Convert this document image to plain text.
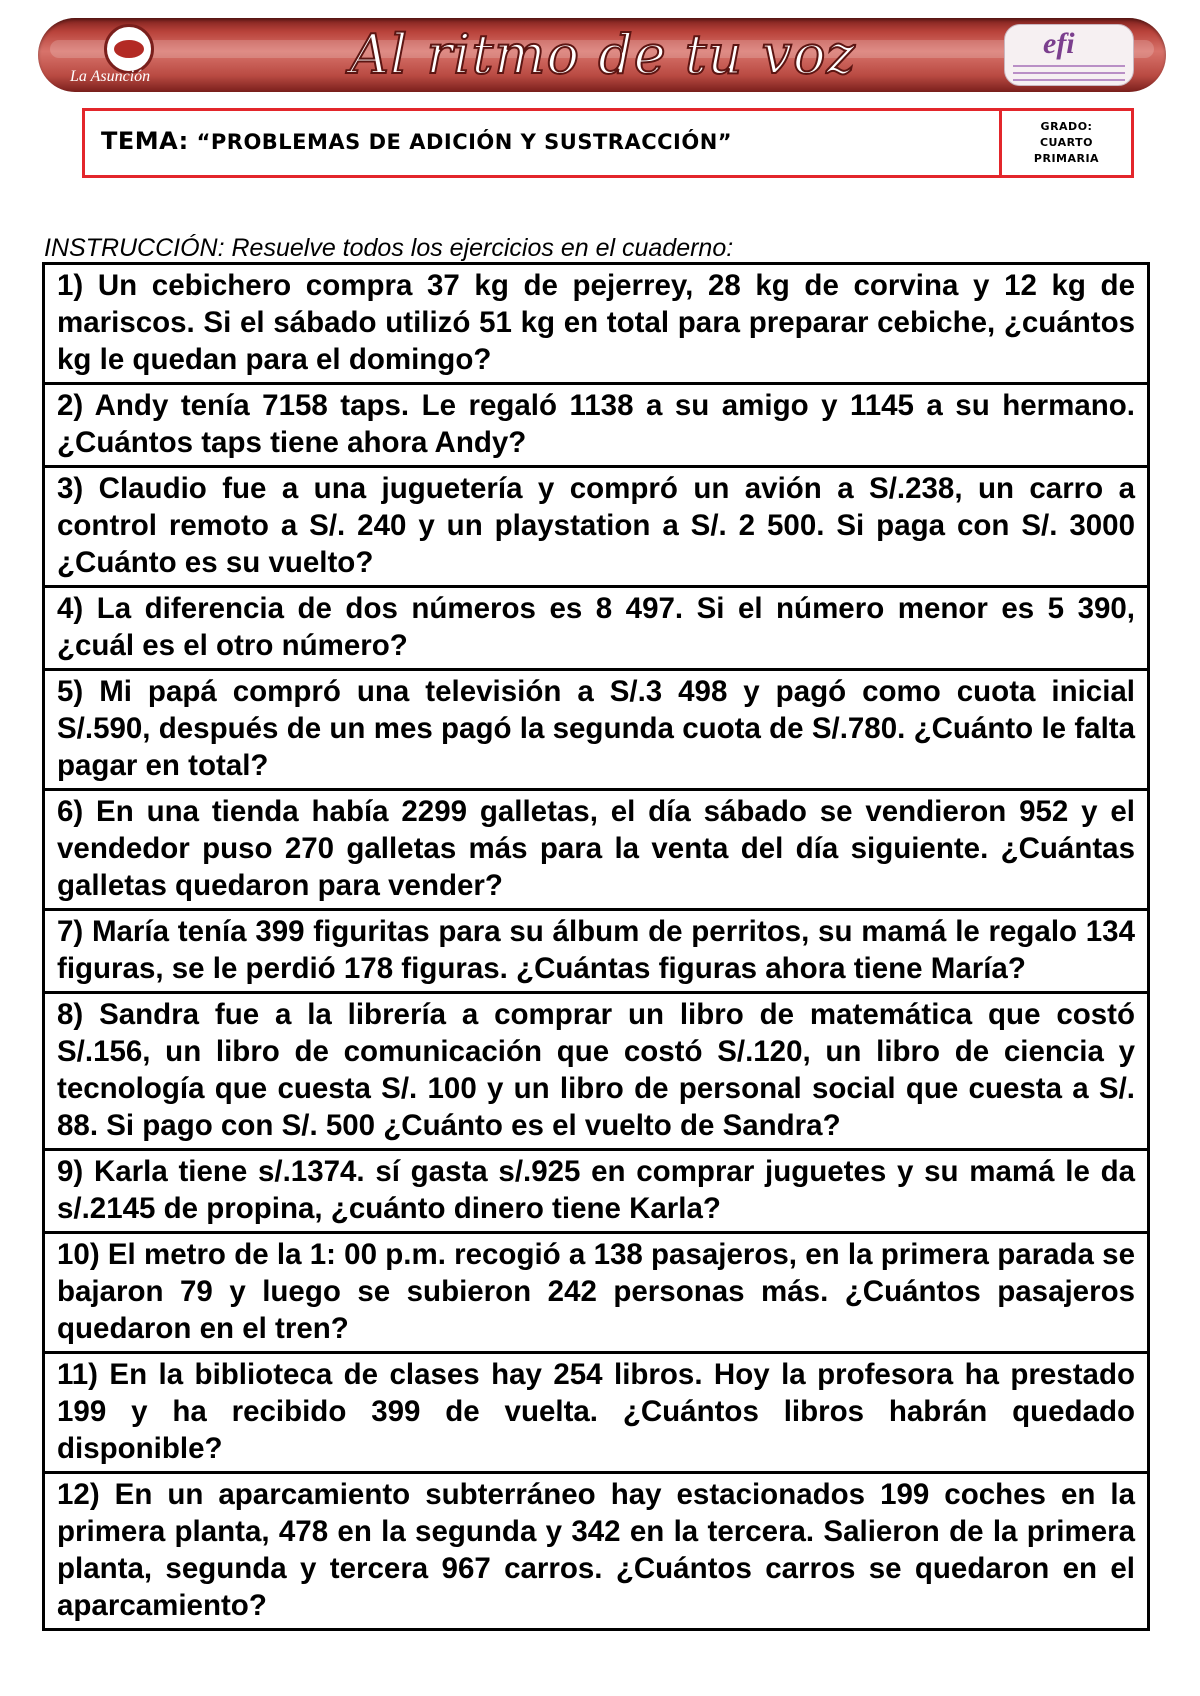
La Asunción	Al ritmo de tu voz	efi
TEMA: “PROBLEMAS DE ADICIÓN Y SUSTRACCIÓN”
GRADO:
CUARTO
PRIMARIA
INSTRUCCIÓN: Resuelve todos los ejercicios en el cuaderno:
1) Un cebichero compra 37 kg de pejerrey, 28 kg de corvina y 12 kg de mariscos. Si el sábado utilizó 51 kg en total para preparar cebiche, ¿cuántos kg le quedan para el domingo?
2) Andy tenía 7158 taps. Le regaló 1138 a su amigo y 1145 a su hermano. ¿Cuántos taps tiene ahora Andy?
3) Claudio fue a una juguetería y compró un avión a S/.238, un carro a control remoto a S/. 240 y un playstation a S/. 2 500. Si paga con S/. 3000 ¿Cuánto es su vuelto?
4) La diferencia de dos números es 8 497. Si el número menor es 5 390, ¿cuál es el otro número?
5) Mi papá compró una televisión a S/.3 498 y pagó como cuota inicial S/.590, después de un mes pagó la segunda cuota de S/.780. ¿Cuánto le falta pagar en total?
6) En una tienda había 2299 galletas, el día sábado se vendieron 952 y el vendedor puso 270 galletas más para la venta del día siguiente. ¿Cuántas galletas quedaron para vender?
7) María tenía 399 figuritas para su álbum de perritos, su mamá le regalo 134 figuras, se le perdió 178 figuras. ¿Cuántas figuras ahora tiene María?
8) Sandra fue a la librería a comprar un libro de matemática que costó S/.156, un libro de comunicación que costó S/.120, un libro de ciencia y tecnología que cuesta S/. 100 y un libro de personal social que cuesta a S/. 88. Si pago con S/. 500 ¿Cuánto es el vuelto de Sandra?
9) Karla tiene s/.1374. sí gasta s/.925 en comprar juguetes y su mamá le da s/.2145 de propina, ¿cuánto dinero tiene Karla?
10) El metro de la 1: 00 p.m. recogió a 138 pasajeros, en la primera parada se bajaron 79 y luego se subieron 242 personas más. ¿Cuántos pasajeros quedaron en el tren?
11) En la biblioteca de clases hay 254 libros. Hoy la profesora ha prestado 199 y ha recibido 399 de vuelta. ¿Cuántos libros habrán quedado disponible?
12) En un aparcamiento subterráneo hay estacionados 199 coches en la primera planta, 478 en la segunda y 342 en la tercera. Salieron de la primera planta, segunda y tercera 967 carros. ¿Cuántos carros se quedaron en el aparcamiento?
